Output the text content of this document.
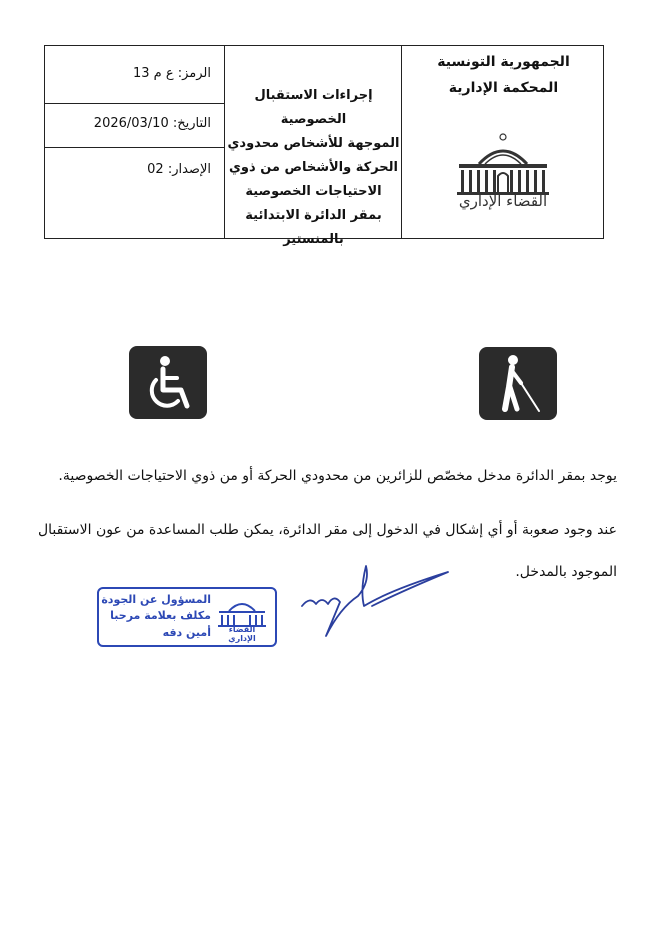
الرمز: ع م 13
التاريخ: 2026/03/10
الإصدار: 02
إجراءات الاستقبال الخصوصية
الموجهة للأشخاص محدودي
الحركة والأشخاص من ذوي
الاحتياجات الخصوصية
بمقر الدائرة الابتدائية بالمنستير
الجمهورية التونسية
المحكمة الإدارية
القضاء الإداري
يوجد بمقر الدائرة مدخل مخصّص للزائرين من محدودي الحركة أو من ذوي الاحتياجات الخصوصية.
عند وجود صعوبة أو أي إشكال في الدخول إلى مقر الدائرة، يمكن طلب المساعدة من عون الاستقبال
الموجود بالمدخل.
المسؤول عن الجودة
مكلف بعلامة مرحبا
أمين دقه	القضاء الإداري
